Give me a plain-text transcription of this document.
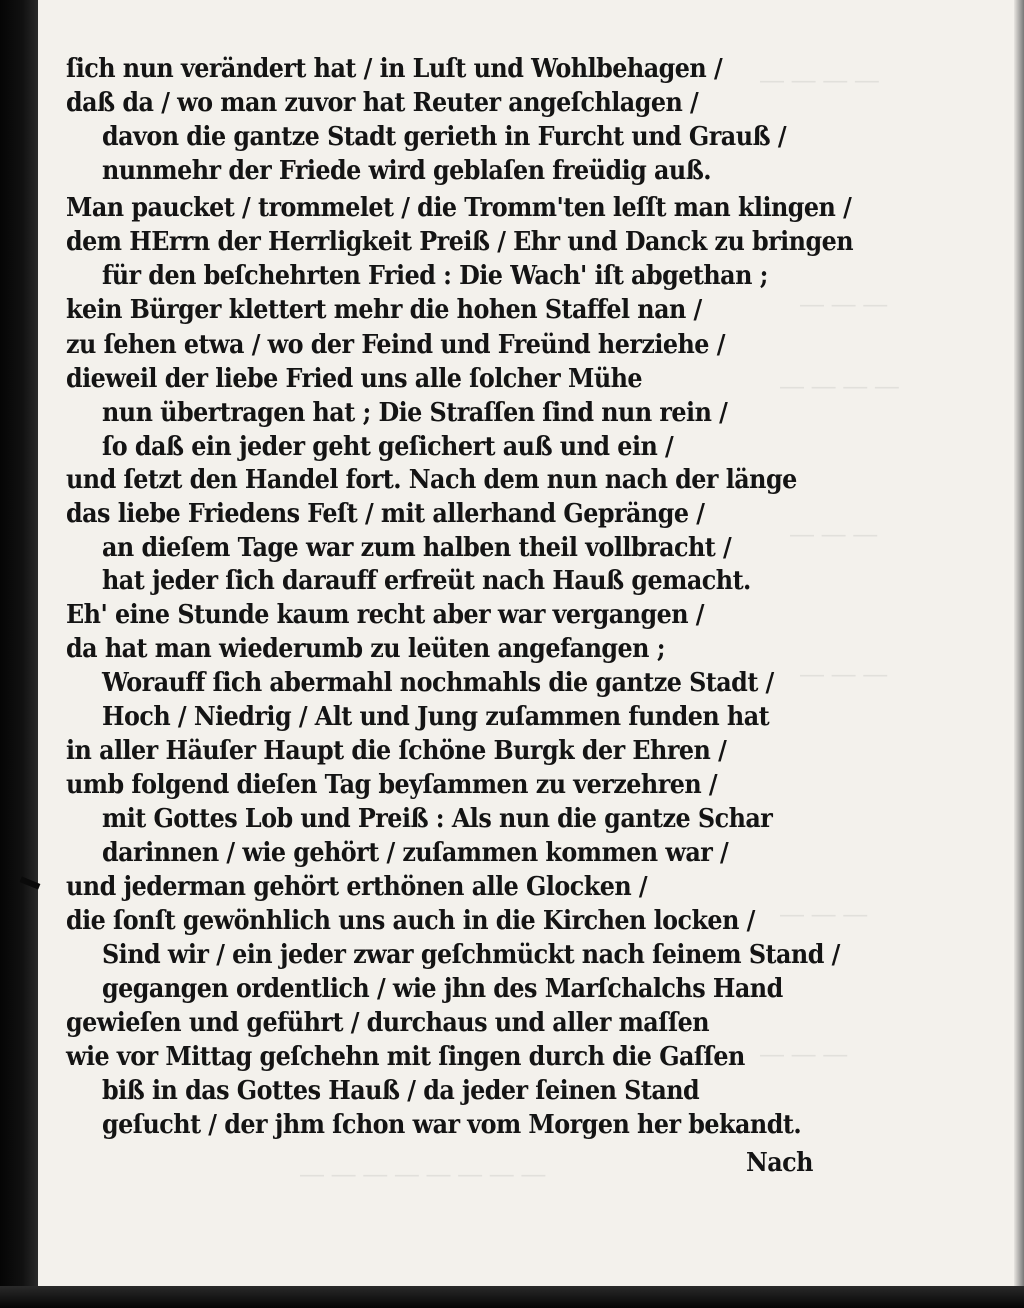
― ― ― ―
― ― ―
― ― ― ―
― ― ―
― ― ―
― ― ―
― ― ―
― ― ― ― ― ― ― ―
ſich nun verändert hat / in Luſt und Wohlbehagen /
daß da / wo man zuvor hat Reuter angeſchlagen /
davon die gantze Stadt gerieth in Furcht und Grauß /
nunmehr der Friede wird geblaſen freüdig auß.
Man paucket / trommelet / die Tromm'ten leſſt man klingen /
dem HErrn der Herrligkeit Preiß / Ehr und Danck zu bringen
für den beſchehrten Fried : Die Wach' iſt abgethan ;
kein Bürger klettert mehr die hohen Staffel nan /
zu ſehen etwa / wo der Feind und Freünd herziehe /
dieweil der liebe Fried uns alle ſolcher Mühe
nun übertragen hat ; Die Straſſen ſind nun rein /
ſo daß ein jeder geht geſichert auß und ein /
und ſetzt den Handel fort. Nach dem nun nach der länge
das liebe Friedens Feſt / mit allerhand Gepränge /
an dieſem Tage war zum halben theil vollbracht /
hat jeder ſich darauff erfreüt nach Hauß gemacht.
Eh' eine Stunde kaum recht aber war vergangen /
da hat man wiederumb zu leüten angefangen ;
Worauff ſich abermahl nochmahls die gantze Stadt /
Hoch / Niedrig / Alt und Jung zuſammen funden hat
in aller Häuſer Haupt die ſchöne Burgk der Ehren /
umb folgend dieſen Tag beyſammen zu verzehren /
mit Gottes Lob und Preiß : Als nun die gantze Schar
darinnen / wie gehört / zuſammen kommen war /
und jederman gehört erthönen alle Glocken /
die ſonſt gewönhlich uns auch in die Kirchen locken /
Sind wir / ein jeder zwar geſchmückt nach ſeinem Stand /
gegangen ordentlich / wie jhn des Marſchalchs Hand
gewieſen und geführt / durchaus und aller maſſen
wie vor Mittag geſchehn mit ſingen durch die Gaſſen
biß in das Gottes Hauß / da jeder ſeinen Stand
geſucht / der jhm ſchon war vom Morgen her bekandt.
Nach
